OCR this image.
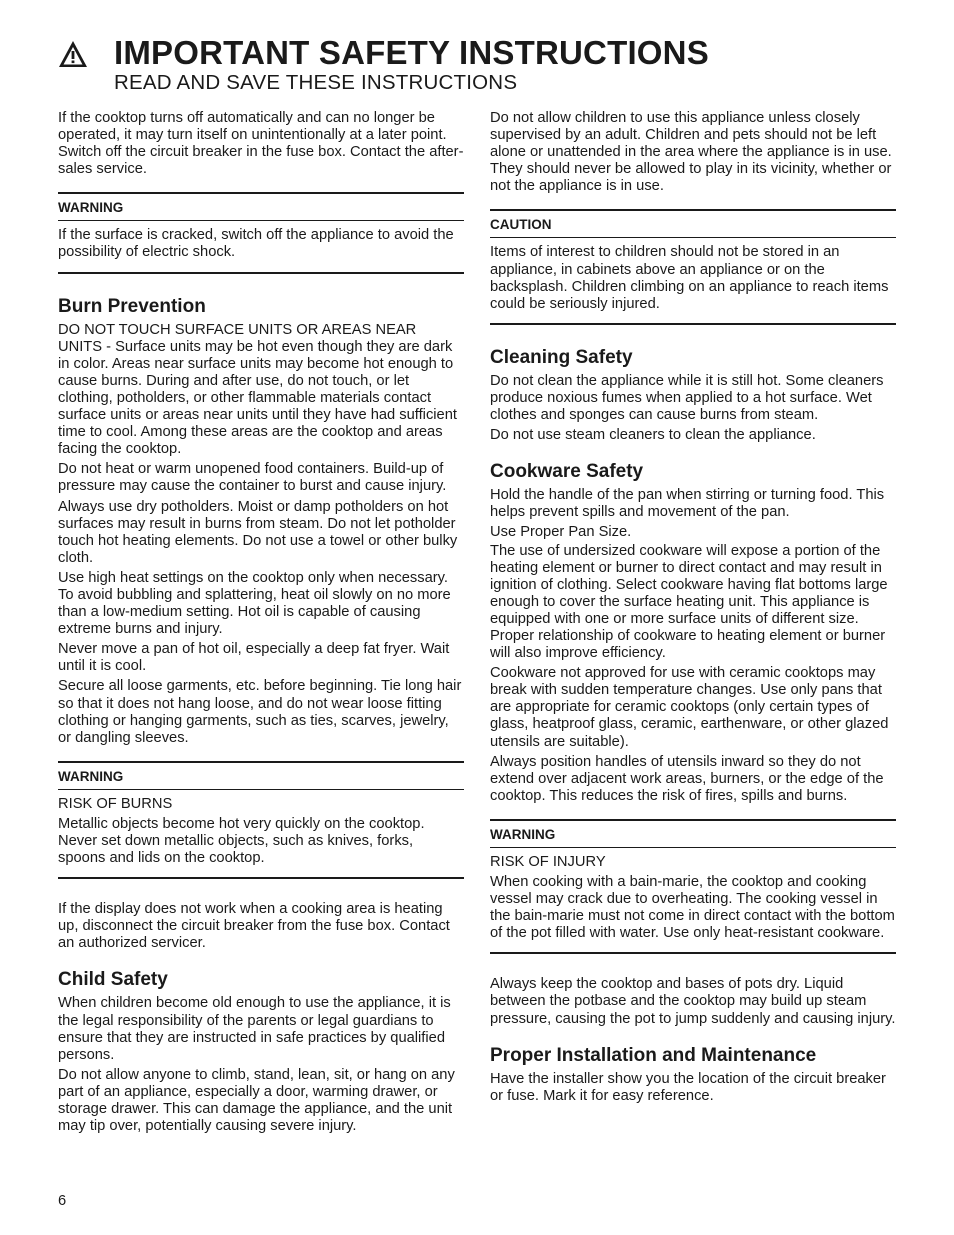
IMPORTANT SAFETY INSTRUCTIONS
READ AND SAVE THESE INSTRUCTIONS

If the cooktop turns off automatically and can no longer be operated, it may turn itself on unintentionally at a later point. Switch off the circuit breaker in the fuse box. Contact the after-sales service.

WARNING

If the surface is cracked, switch off the appliance to avoid the possibility of electric shock.

Burn Prevention

DO NOT TOUCH SURFACE UNITS OR AREAS NEAR UNITS - Surface units may be hot even though they are dark in color. Areas near surface units may become hot enough to cause burns. During and after use, do not touch, or let clothing, potholders, or other flammable materials contact surface units or areas near units until they have had sufficient time to cool. Among these areas are the cooktop and areas facing the cooktop.

Do not heat or warm unopened food containers. Build-up of pressure may cause the container to burst and cause injury.

Always use dry potholders. Moist or damp potholders on hot surfaces may result in burns from steam. Do not let potholder touch hot heating elements. Do not use a towel or other bulky cloth.

Use high heat settings on the cooktop only when necessary. To avoid bubbling and splattering, heat oil slowly on no more than a low-medium setting. Hot oil is capable of causing extreme burns and injury.

Never move a pan of hot oil, especially a deep fat fryer. Wait until it is cool.

Secure all loose garments, etc. before beginning. Tie long hair so that it does not hang loose, and do not wear loose fitting clothing or hanging garments, such as ties, scarves, jewelry, or dangling sleeves.

WARNING

RISK OF BURNS

Metallic objects become hot very quickly on the cooktop. Never set down metallic objects, such as knives, forks, spoons and lids on the cooktop.

If the display does not work when a cooking area is heating up, disconnect the circuit breaker from the fuse box. Contact an authorized servicer.

Child Safety

When children become old enough to use the appliance, it is the legal responsibility of the parents or legal guardians to ensure that they are instructed in safe practices by qualified persons.

Do not allow anyone to climb, stand, lean, sit, or hang on any part of an appliance, especially a door, warming drawer, or storage drawer. This can damage the appliance, and the unit may tip over, potentially causing severe injury.

Do not allow children to use this appliance unless closely supervised by an adult. Children and pets should not be left alone or unattended in the area where the appliance is in use. They should never be allowed to play in its vicinity, whether or not the appliance is in use.

CAUTION

Items of interest to children should not be stored in an appliance, in cabinets above an appliance or on the backsplash. Children climbing on an appliance to reach items could be seriously injured.

Cleaning Safety

Do not clean the appliance while it is still hot. Some cleaners produce noxious fumes when applied to a hot surface. Wet clothes and sponges can cause burns from steam.

Do not use steam cleaners to clean the appliance.

Cookware Safety

Hold the handle of the pan when stirring or turning food. This helps prevent spills and movement of the pan.

Use Proper Pan Size.

The use of undersized cookware will expose a portion of the heating element or burner to direct contact and may result in ignition of clothing. Select cookware having flat bottoms large enough to cover the surface heating unit. This appliance is equipped with one or more surface units of different size. Proper relationship of cookware to heating element or burner will also improve efficiency.

Cookware not approved for use with ceramic cooktops may break with sudden temperature changes. Use only pans that are appropriate for ceramic cooktops (only certain types of glass, heatproof glass, ceramic, earthenware, or other glazed utensils are suitable).

Always position handles of utensils inward so they do not extend over adjacent work areas, burners, or the edge of the cooktop. This reduces the risk of fires, spills and burns.

WARNING

RISK OF INJURY

When cooking with a bain-marie, the cooktop and cooking vessel may crack due to overheating. The cooking vessel in the bain-marie must not come in direct contact with the bottom of the pot filled with water. Use only heat-resistant cookware.

Always keep the cooktop and bases of pots dry. Liquid between the potbase and the cooktop may build up steam pressure, causing the pot to jump suddenly and causing injury.

Proper Installation and Maintenance

Have the installer show you the location of the circuit breaker or fuse. Mark it for easy reference.

6
